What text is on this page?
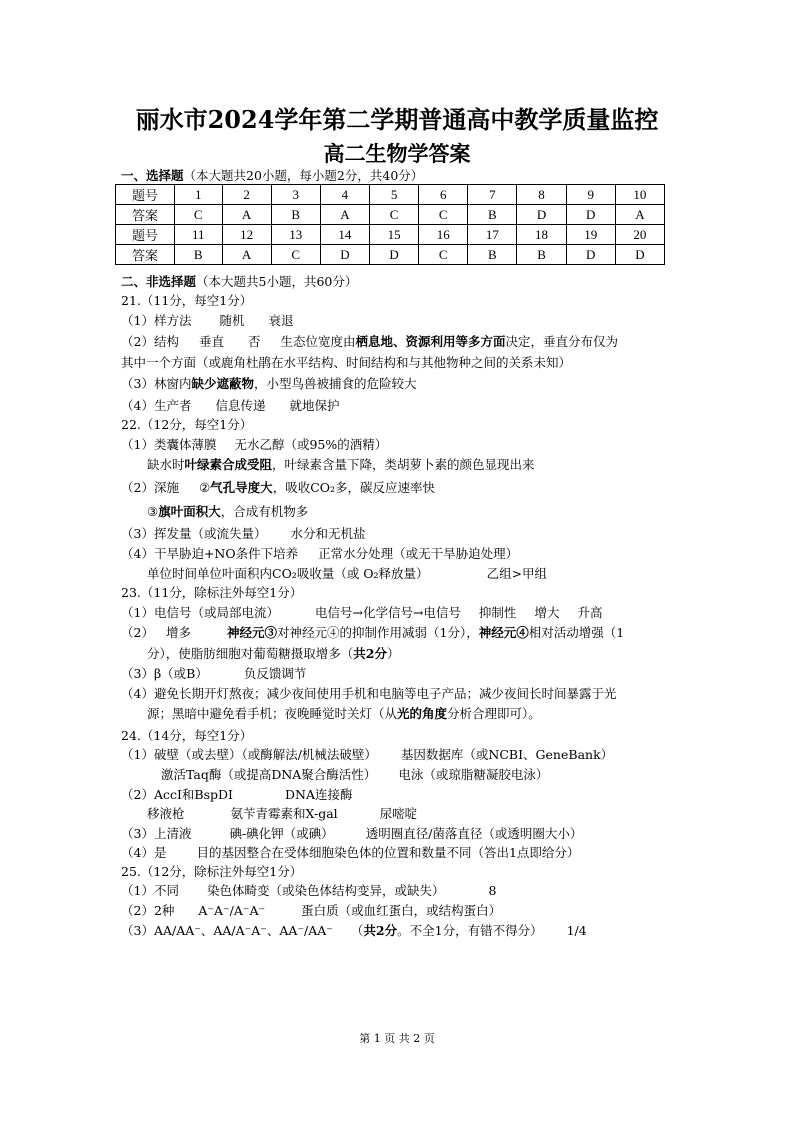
丽水市2024学年第二学期普通高中教学质量监控
高二生物学答案
一、选择题（本大题共20小题，每小题2分，共40分）
题号	1	2	3	4	5	6	7	8	9	10
答案	C	A	B	A	C	C	B	D	D	A
题号	11	12	13	14	15	16	17	18	19	20
答案	B	A	C	D	D	C	B	B	D	D
二、非选择题（本大题共5小题，共60分）
21.（11分，每空1分）
（1）样方法 随机 衰退
（2）结构 垂直 否 生态位宽度由栖息地、资源利用等多方面决定，垂直分布仅为
其中一个方面（或鹿角杜鹃在水平结构、时间结构和与其他物种之间的关系未知）
（3）林窗内缺少遮蔽物，小型鸟兽被捕食的危险较大
（4）生产者 信息传递 就地保护
22.（12分，每空1分）
（1）类囊体薄膜 无水乙醇（或95%的酒精）
缺水时叶绿素合成受阻，叶绿素含量下降，类胡萝卜素的颜色显现出来
（2）深施 ②气孔导度大，吸收CO₂多，碳反应速率快
③旗叶面积大，合成有机物多
（3）挥发量（或流失量） 水分和无机盐
（4）干旱胁迫+NO条件下培养 正常水分处理（或无干旱胁迫处理）
单位时间单位叶面积内CO₂吸收量（或 O₂释放量）	乙组>甲组
23.（11分，除标注外每空1分）
（1）电信号（或局部电流）	电信号→化学信号→电信号 抑制性 增大 升高
（2） 增多	神经元③对神经元④的抑制作用减弱（1分），神经元④相对活动增强（1
分），使脂肪细胞对葡萄糖摄取增多（共2分）
（3）β（或B）	负反馈调节
（4）避免长期开灯熬夜；减少夜间使用手机和电脑等电子产品；减少夜间长时间暴露于光
源；黑暗中避免看手机；夜晚睡觉时关灯（从光的角度分析合理即可）。
24.（14分，每空1分）
（1）破壁（或去壁）（或酶解法/机械法破壁） 基因数据库（或NCBI、GeneBank）
激活Taq酶（或提高DNA聚合酶活性） 电泳（或琼脂糖凝胶电泳）
（2）AccⅠ和BspDⅠ	DNA连接酶
移液枪	氨苄青霉素和X-gal	尿嘧啶
（3）上清液	碘-碘化钾（或碘）	透明圈直径/菌落直径（或透明圈大小）
（4）是 目的基因整合在受体细胞染色体的位置和数量不同（答出1点即给分）
25.（12分，除标注外每空1分）
（1）不同 染色体畸变（或染色体结构变异，或缺失）	8
（2）2种 A⁻A⁻/A⁻A⁻	蛋白质（或血红蛋白，或结构蛋白）
（3）AA/AA⁻、AA/A⁻A⁻、AA⁻/AA⁻ （共2分。不全1分，有错不得分） 1/4
第 1 页 共 2 页
